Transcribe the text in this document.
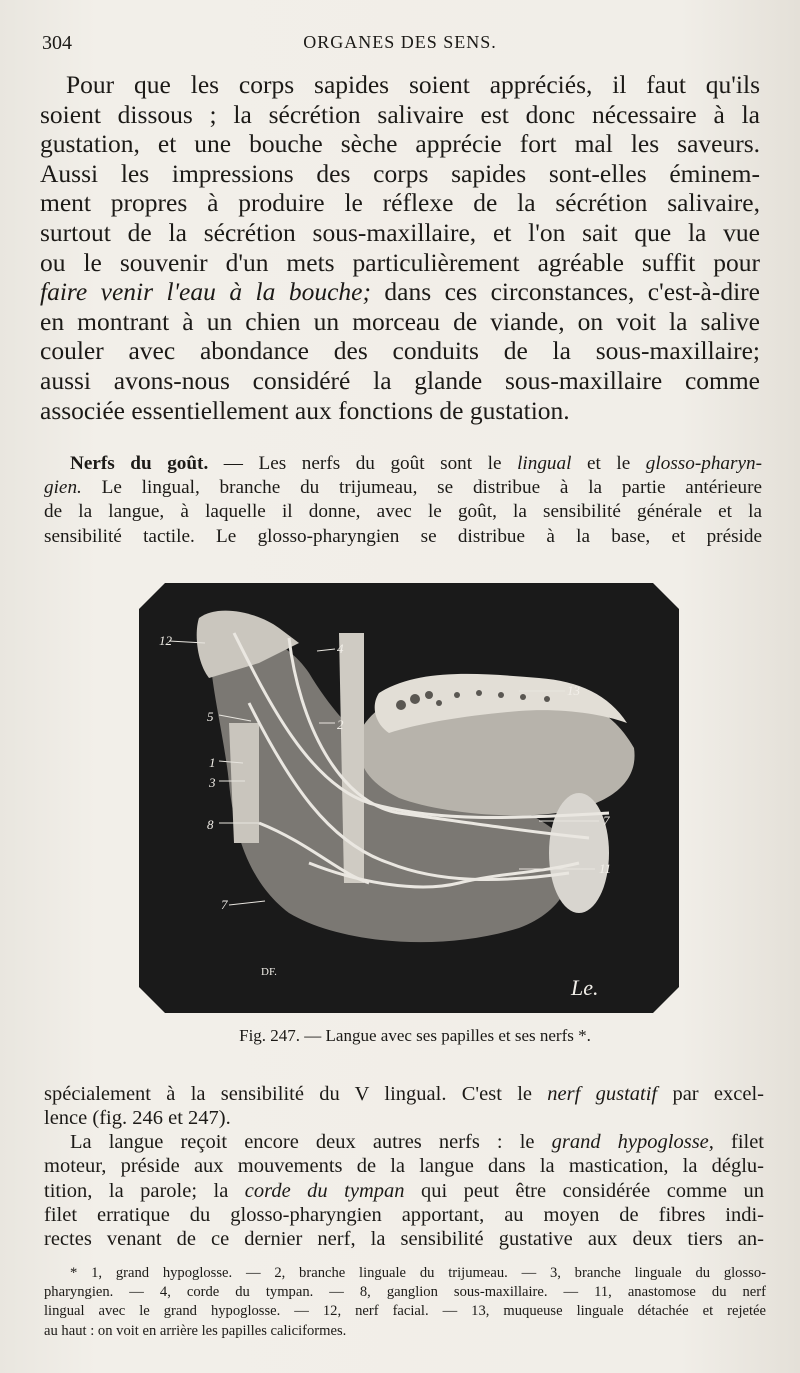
304	ORGANES DES SENS.

Pour que les corps sapides soient appréciés, il faut qu'ils
soient dissous ; la sécrétion salivaire est donc nécessaire à la
gustation, et une bouche sèche apprécie fort mal les saveurs.
Aussi les impressions des corps sapides sont-elles éminem-
ment propres à produire le réflexe de la sécrétion salivaire,
surtout de la sécrétion sous-maxillaire, et l'on sait que la vue
ou le souvenir d'un mets particulièrement agréable suffit pour
faire venir l'eau à la bouche; dans ces circonstances, c'est-à-dire
en montrant à un chien un morceau de viande, on voit la salive
couler avec abondance des conduits de la sous-maxillaire;
aussi avons-nous considéré la glande sous-maxillaire comme
associée essentiellement aux fonctions de gustation.

Nerfs du goût. — Les nerfs du goût sont le lingual et le glosso-pharyn-
gien. Le lingual, branche du trijumeau, se distribue à la partie antérieure
de la langue, à laquelle il donne, avec le goût, la sensibilité générale et la
sensibilité tactile. Le glosso-pharyngien se distribue à la base, et préside

12
4
5
2
1
3
8
13
7
11
7
DF.
Le.
Fig. 247. — Langue avec ses papilles et ses nerfs *.

spécialement à la sensibilité du V lingual. C'est le nerf gustatif par excel-
lence (fig. 246 et 247).

La langue reçoit encore deux autres nerfs : le grand hypoglosse, filet
moteur, préside aux mouvements de la langue dans la mastication, la déglu-
tition, la parole; la corde du tympan qui peut être considérée comme un
filet erratique du glosso-pharyngien apportant, au moyen de fibres indi-
rectes venant de ce dernier nerf, la sensibilité gustative aux deux tiers an-

* 1, grand hypoglosse. — 2, branche linguale du trijumeau. — 3, branche linguale du glosso-
pharyngien. — 4, corde du tympan. — 8, ganglion sous-maxillaire. — 11, anastomose du nerf
lingual avec le grand hypoglosse. — 12, nerf facial. — 13, muqueuse linguale détachée et rejetée
au haut : on voit en arrière les papilles caliciformes.
